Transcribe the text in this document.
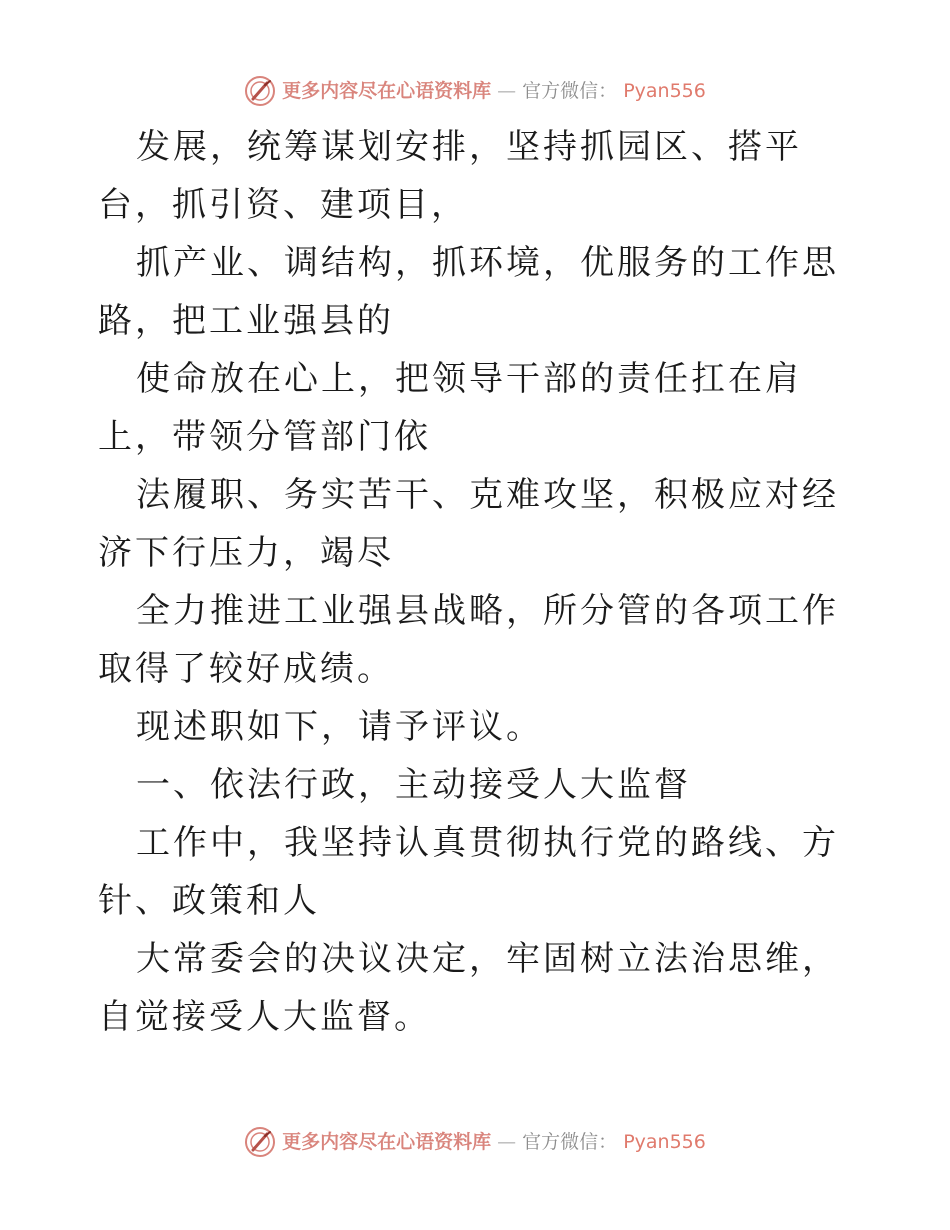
更多内容尽在心语资料库 — 官方微信： Pyan556

发展，统筹谋划安排，坚持抓园区、搭平台，抓引资、建项目，

抓产业、调结构，抓环境，优服务的工作思路，把工业强县的

使命放在心上，把领导干部的责任扛在肩上，带领分管部门依

法履职、务实苦干、克难攻坚，积极应对经济下行压力，竭尽

全力推进工业强县战略，所分管的各项工作取得了较好成绩。

现述职如下，请予评议。

一、依法行政，主动接受人大监督

工作中，我坚持认真贯彻执行党的路线、方针、政策和人

大常委会的决议决定，牢固树立法治思维，自觉接受人大监督。

更多内容尽在心语资料库 — 官方微信： Pyan556
